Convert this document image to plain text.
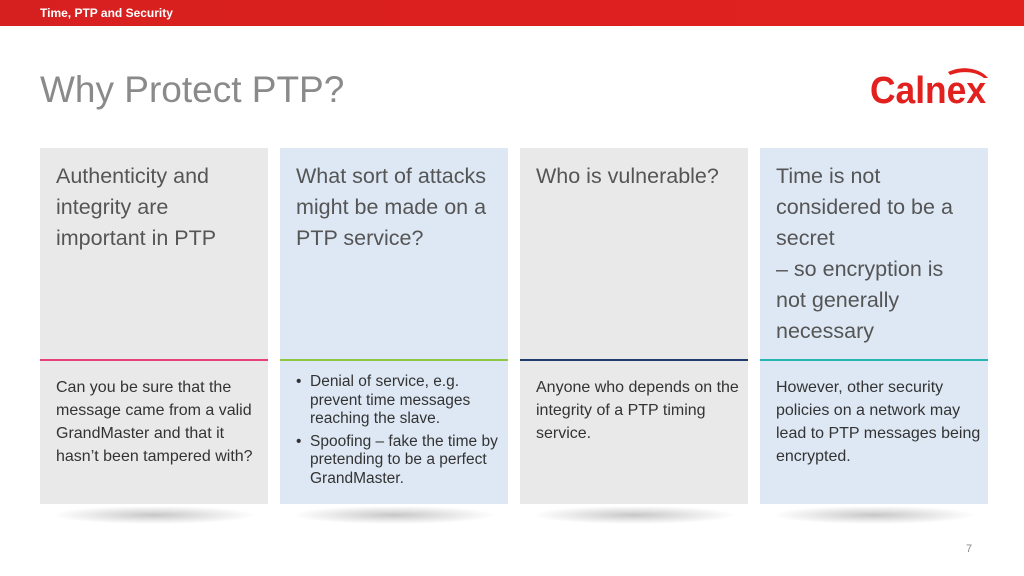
Time, PTP and Security
Why Protect PTP?	Calnex
Authenticity and integrity are important in PTP
Can you be sure that the message came from a valid GrandMaster and that it hasn’t been tampered with?
What sort of attacks might be made on a PTP service?
• Denial of service, e.g. prevent time messages reaching the slave.
• Spoofing – fake the time by pretending to be a perfect GrandMaster.
Who is vulnerable?
Anyone who depends on the integrity of a PTP timing service.
Time is not considered to be a secret
– so encryption is not generally necessary
However, other security policies on a network may lead to PTP messages being encrypted.
7
